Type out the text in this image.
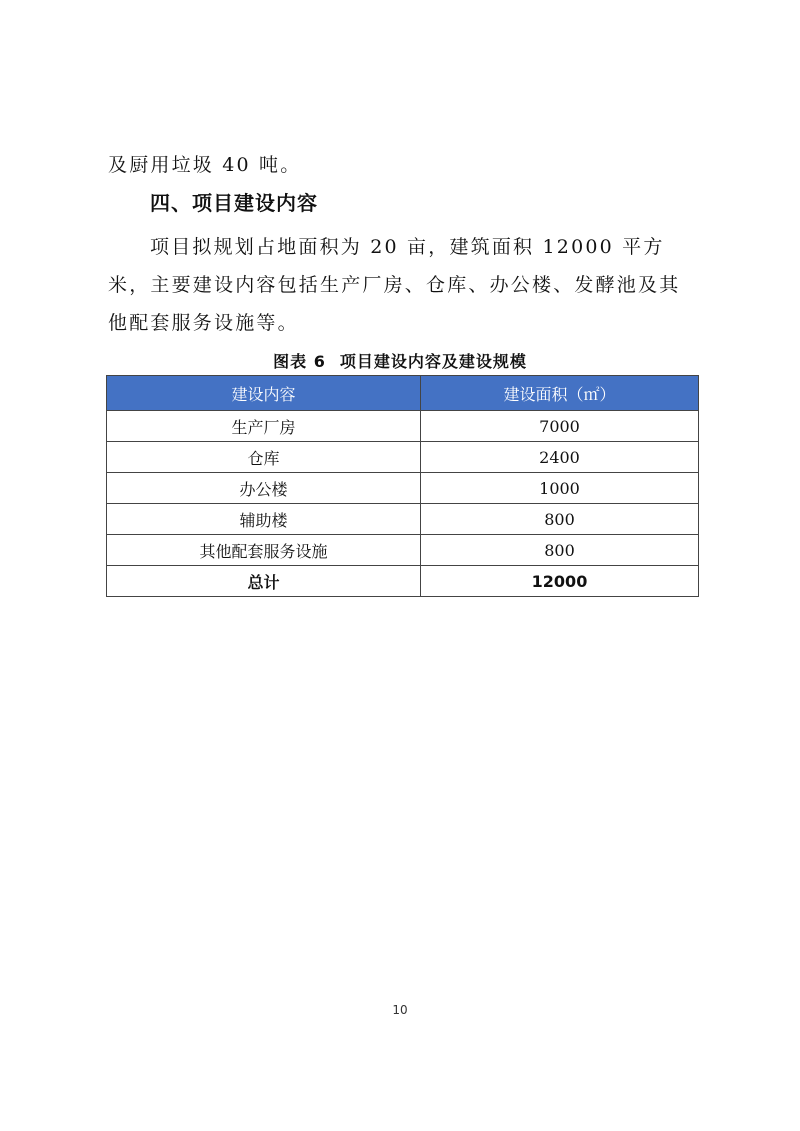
及厨用垃圾 40 吨。
四、项目建设内容
项目拟规划占地面积为 20 亩，建筑面积 12000 平方米，主要建设内容包括生产厂房、仓库、办公楼、发酵池及其他配套服务设施等。
图表 6 项目建设内容及建设规模
建设内容	建设面积（㎡）
生产厂房	7000
仓库	2400
办公楼	1000
辅助楼	800
其他配套服务设施	800
总计	12000
10
